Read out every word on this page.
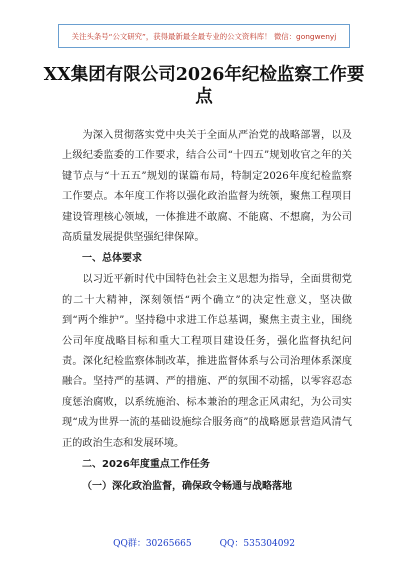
关注头条号“公文研究”，获得最新最全最专业的公文资料库！ 微信：gongwenyj
XX集团有限公司2026年纪检监察工作要点

为深入贯彻落实党中央关于全面从严治党的战略部署，以及上级纪委监委的工作要求，结合公司“十四五”规划收官之年的关键节点与“十五五”规划的谋篇布局，特制定2026年度纪检监察工作要点。本年度工作将以强化政治监督为统领，聚焦工程项目建设管理核心领域，一体推进不敢腐、不能腐、不想腐，为公司高质量发展提供坚强纪律保障。

一、总体要求

以习近平新时代中国特色社会主义思想为指导，全面贯彻党的二十大精神，深刻领悟“两个确立”的决定性意义，坚决做到“两个维护”。坚持稳中求进工作总基调，聚焦主责主业，围绕公司年度战略目标和重大工程项目建设任务，强化监督执纪问责。深化纪检监察体制改革，推进监督体系与公司治理体系深度融合。坚持严的基调、严的措施、严的氛围不动摇，以零容忍态度惩治腐败，以系统施治、标本兼治的理念正风肃纪，为公司实现“成为世界一流的基础设施综合服务商”的战略愿景营造风清气正的政治生态和发展环境。

二、2026年度重点工作任务

（一）深化政治监督，确保政令畅通与战略落地

QQ群：30265665	QQ：535304092
